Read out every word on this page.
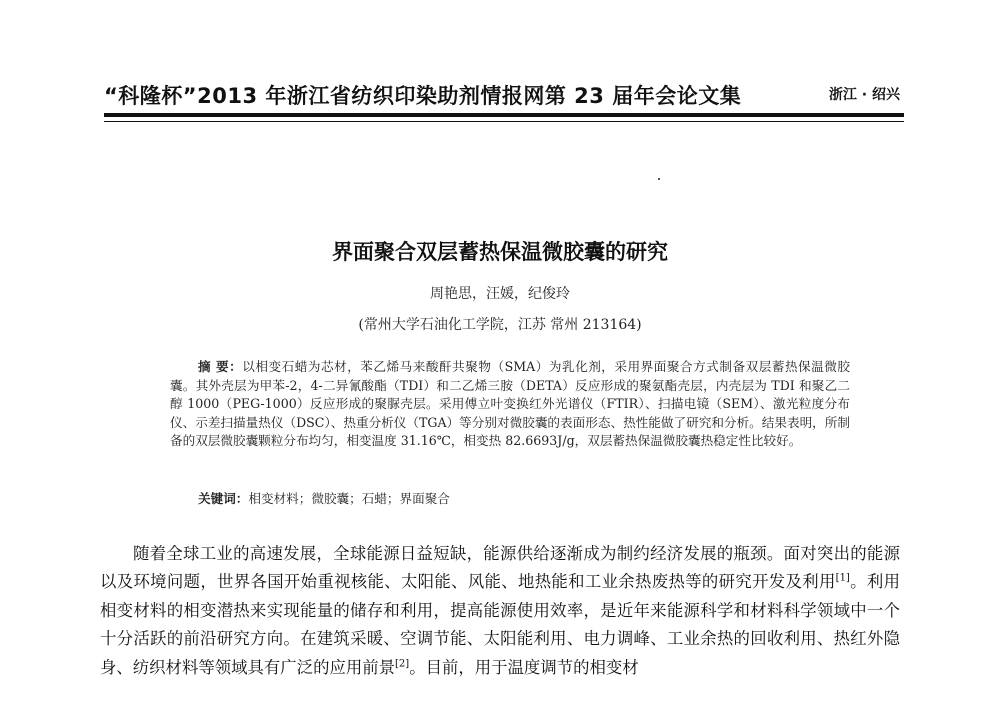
“科隆杯”2013 年浙江省纺织印染助剂情报网第 23 届年会论文集	浙江 · 绍兴
界面聚合双层蓄热保温微胶囊的研究
周艳思，汪媛，纪俊玲
(常州大学石油化工学院，江苏 常州 213164)
摘 要：以相变石蜡为芯材，苯乙烯马来酸酐共聚物（SMA）为乳化剂，采用界面聚合方式制备双层蓄热保温微胶囊。其外壳层为甲苯-2，4-二异氰酸酯（TDI）和二乙烯三胺（DETA）反应形成的聚氨酯壳层，内壳层为 TDI 和聚乙二醇 1000（PEG-1000）反应形成的聚脲壳层。采用傅立叶变换红外光谱仪（FTIR）、扫描电镜（SEM）、激光粒度分布仪、示差扫描量热仪（DSC）、热重分析仪（TGA）等分别对微胶囊的表面形态、热性能做了研究和分析。结果表明，所制备的双层微胶囊颗粒分布均匀，相变温度 31.16℃，相变热 82.6693J/g，双层蓄热保温微胶囊热稳定性比较好。
关键词：相变材料；微胶囊；石蜡；界面聚合
随着全球工业的高速发展，全球能源日益短缺，能源供给逐渐成为制约经济发展的瓶颈。面对突出的能源以及环境问题，世界各国开始重视核能、太阳能、风能、地热能和工业余热废热等的研究开发及利用[1]。利用相变材料的相变潜热来实现能量的储存和利用，提高能源使用效率，是近年来能源科学和材料科学领域中一个十分活跃的前沿研究方向。在建筑采暖、空调节能、太阳能利用、电力调峰、工业余热的回收利用、热红外隐身、纺织材料等领域具有广泛的应用前景[2]。目前，用于温度调节的相变材
